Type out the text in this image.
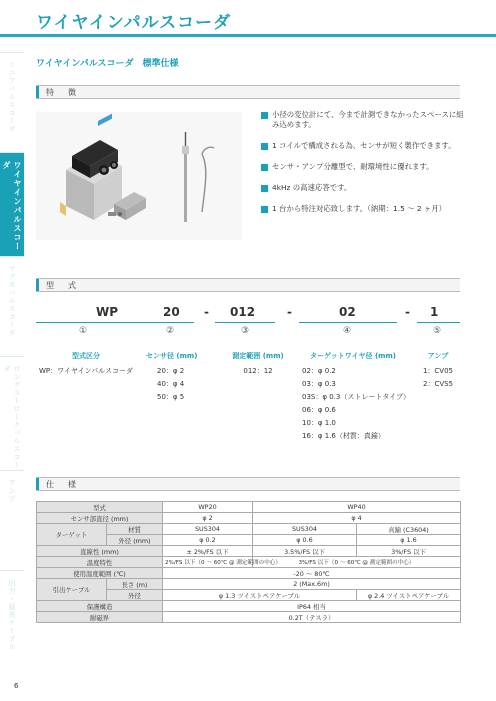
ワイヤインパルスコーダ
リニアパルスコーダ
ワイヤインパルスコーダ
マグネパルスコーダ
ロングストロークパルスコーダ
アンプ
出力・延長ケーブル
ワイヤインパルスコーダ　標準仕様
特　徴
小径の変位計にて、今まで計測できなかったスペースに組み込めます。
1 コイルで構成される為、センサが短く製作できます。
センサ・アンプ分離型で、耐環境性に優れます。
4kHz の高速応答です。
1 台から特注対応致します。（納期：1.5 ～ 2 ヶ月）
型　式
WP	20 - 012	-	02	- 1
①	②	③	④	⑤
型式区分
WP：ワイヤインパルスコーダ
センサ径 (mm)
20：φ 2
40：φ 4
50：φ 5
測定範囲 (mm)
012：12
ターゲットワイヤ径 (mm)
02：φ 0.2
03：φ 0.3
03S：φ 0.3（ストレートタイプ）
06：φ 0.6
10：φ 1.0
16：φ 1.6（材質：真鍮）
アンプ
1：CV05
2：CVS5
仕　様
型式		WP20	WP40	
センサ部直径 (mm)		φ 2	φ 4	
ターゲット	材質	SUS304	SUS304	真鍮 (C3604)
	外径 (mm)	φ 0.2	φ 0.6	φ 1.6
直線性 (mm)		± 2%/FS 以下	3.5%/FS 以下	3%/FS 以下
温度特性		2%/FS 以下（0 ～ 60℃ @ 測定範囲の中心）	3%/FS 以下（0 ～ 60℃ @ 測定範囲の中心）	
使用温度範囲 (℃)		-20 ～ 80℃		
引出ケーブル	長さ (m)	2 (Max.6m)		
	外径	φ 1.3 ツイストペアケーブル		φ 2.4 ツイストペアケーブル
保護構造		IP64 相当		
耐磁界		0.2T（テスラ）		
6
